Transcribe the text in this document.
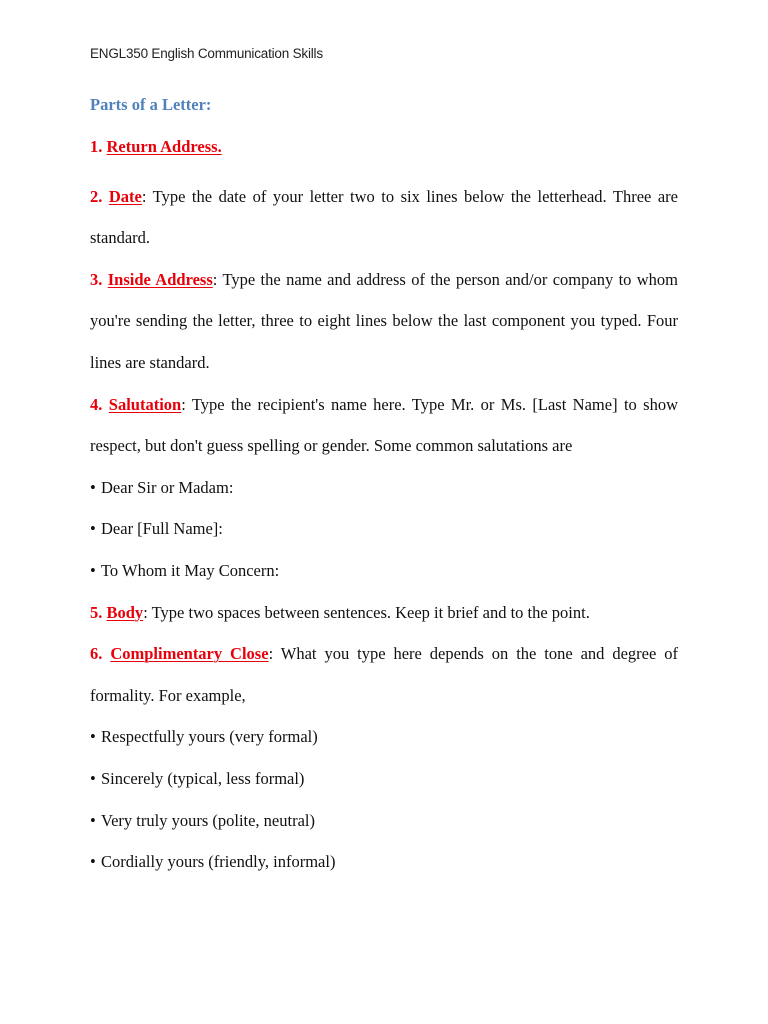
ENGL350 English Communication Skills
Parts of a Letter:

1. Return Address.

2. Date: Type the date of your letter two to six lines below the letterhead. Three are standard.

3. Inside Address: Type the name and address of the person and/or company to whom you're sending the letter, three to eight lines below the last component you typed. Four lines are standard.

4. Salutation: Type the recipient's name here. Type Mr. or Ms. [Last Name] to show respect, but don't guess spelling or gender. Some common salutations are

• Dear Sir or Madam:
• Dear [Full Name]:
• To Whom it May Concern:

5. Body: Type two spaces between sentences. Keep it brief and to the point.

6. Complimentary Close: What you type here depends on the tone and degree of formality. For example,

• Respectfully yours (very formal)
• Sincerely (typical, less formal)
• Very truly yours (polite, neutral)
• Cordially yours (friendly, informal)
